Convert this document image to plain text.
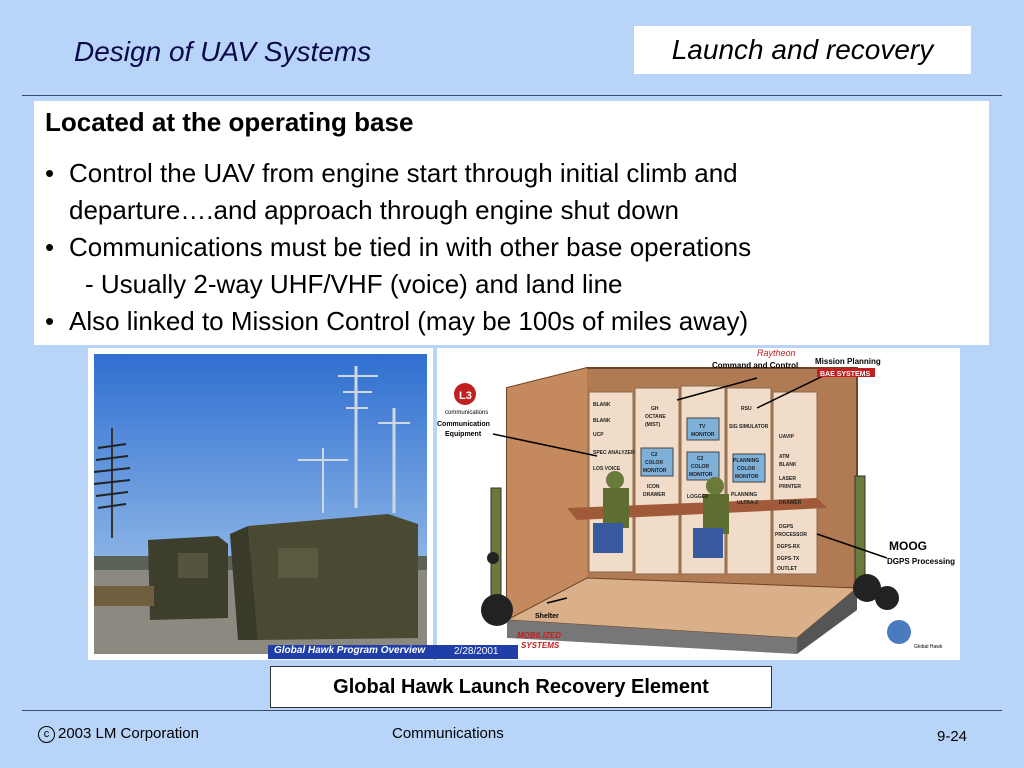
Design of UAV Systems	Launch and recovery
Located at the operating base
• Control the UAV from engine start through initial climb and
departure….and approach through engine shut down
• Communications must be tied in with other base operations
- Usually 2-way UHF/VHF (voice) and land line
• Also linked to Mission Control (may be 100s of miles away)
Raytheon
Command and Control Mission Planning
BAE SYSTEMS
L3
communications
Communication
Equipment
MOOG
DGPS Processing
Shelter
MOBILIZED
SYSTEMS	Global Hawk
BLANK
BLANK
UCP
SPEC ANALYZER
LOS VOICE
GH
OCTANE
(MIST)
C2
COLOR
MONITOR
ICON
DRAWER
TV
MONITOR
C2
COLOR
MONITOR
LOGGER
RSU
SIG SIMULATOR
PLANNING
COLOR
MONITOR
PLANNING
ULTRA-2
UAVIP
ATM
BLANK
LASER
PRINTER
DRAWER
DGPS
PROCESSOR
DGPS-RX
DGPS-TX
OUTLET
Global Hawk Program Overview	2/28/2001
Global Hawk Launch Recovery Element
c 2003 LM Corporation	Communications	9-24
